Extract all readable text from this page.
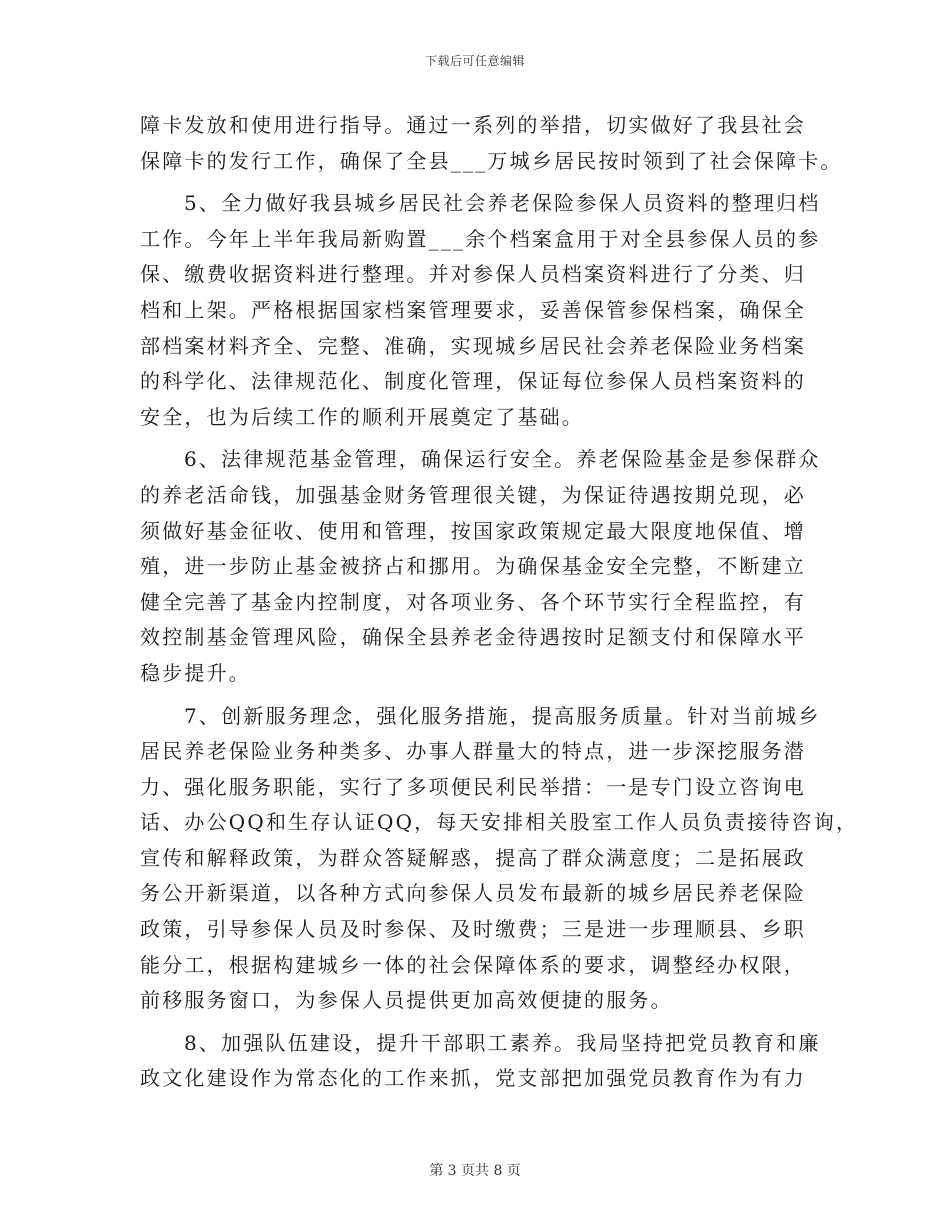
下载后可任意编辑
障卡发放和使用进行指导。通过一系列的举措，切实做好了我县社会
保障卡的发行工作，确保了全县___万城乡居民按时领到了社会保障卡。
5、全力做好我县城乡居民社会养老保险参保人员资料的整理归档
工作。今年上半年我局新购置___余个档案盒用于对全县参保人员的参
保、缴费收据资料进行整理。并对参保人员档案资料进行了分类、归
档和上架。严格根据国家档案管理要求，妥善保管参保档案，确保全
部档案材料齐全、完整、准确，实现城乡居民社会养老保险业务档案
的科学化、法律规范化、制度化管理，保证每位参保人员档案资料的
安全，也为后续工作的顺利开展奠定了基础。
6、法律规范基金管理，确保运行安全。养老保险基金是参保群众
的养老活命钱，加强基金财务管理很关键，为保证待遇按期兑现，必
须做好基金征收、使用和管理，按国家政策规定最大限度地保值、增
殖，进一步防止基金被挤占和挪用。为确保基金安全完整，不断建立
健全完善了基金内控制度，对各项业务、各个环节实行全程监控，有
效控制基金管理风险，确保全县养老金待遇按时足额支付和保障水平
稳步提升。
7、创新服务理念，强化服务措施，提高服务质量。针对当前城乡
居民养老保险业务种类多、办事人群量大的特点，进一步深挖服务潜
力、强化服务职能，实行了多项便民利民举措：一是专门设立咨询电
话、办公QQ和生存认证QQ，每天安排相关股室工作人员负责接待咨询，
宣传和解释政策，为群众答疑解惑，提高了群众满意度；二是拓展政
务公开新渠道，以各种方式向参保人员发布最新的城乡居民养老保险
政策，引导参保人员及时参保、及时缴费；三是进一步理顺县、乡职
能分工，根据构建城乡一体的社会保障体系的要求，调整经办权限，
前移服务窗口，为参保人员提供更加高效便捷的服务。
8、加强队伍建设，提升干部职工素养。我局坚持把党员教育和廉
政文化建设作为常态化的工作来抓，党支部把加强党员教育作为有力
第 3 页共 8 页
